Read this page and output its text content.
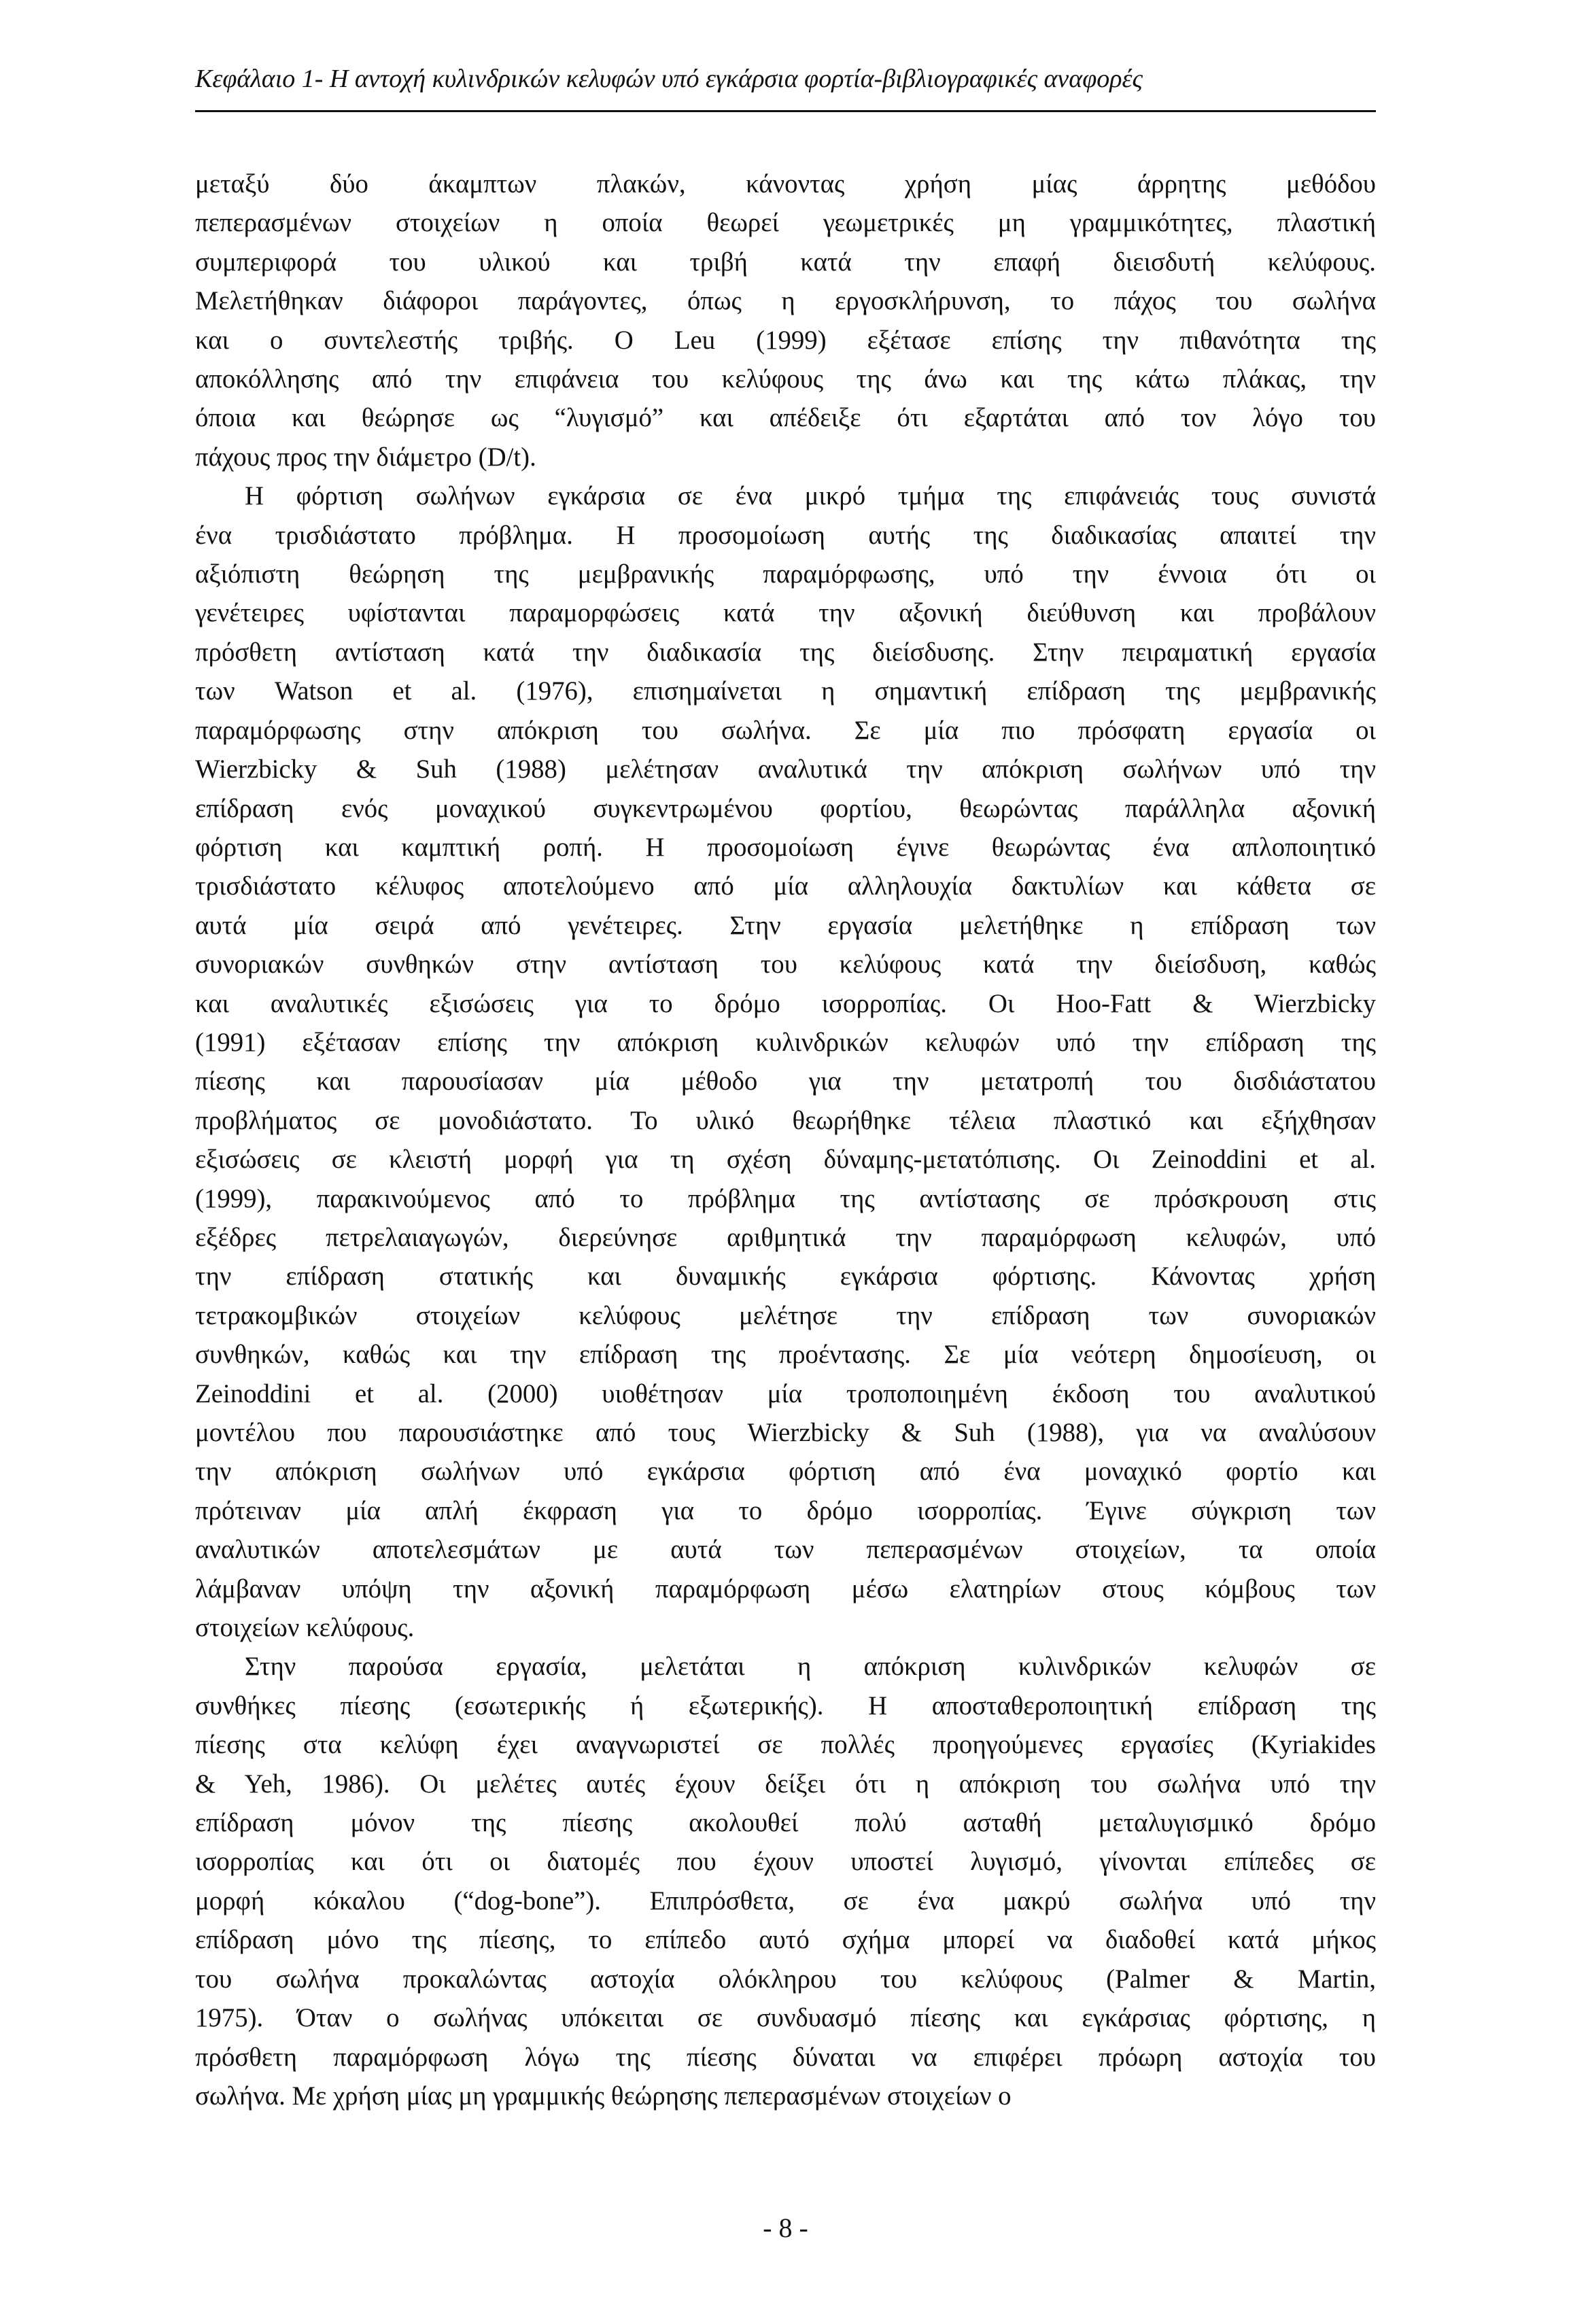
Κεφάλαιο 1- Η αντοχή κυλινδρικών κελυφών υπό εγκάρσια φορτία-βιβλιογραφικές αναφορές
μεταξύ δύο άκαμπτων πλακών, κάνοντας χρήση μίας άρρητης μεθόδου
πεπερασμένων στοιχείων η οποία θεωρεί γεωμετρικές μη γραμμικότητες, πλαστική
συμπεριφορά του υλικού και τριβή κατά την επαφή διεισδυτή κελύφους.
Μελετήθηκαν διάφοροι παράγοντες, όπως η εργοσκλήρυνση, το πάχος του σωλήνα
και ο συντελεστής τριβής. Ο Leu (1999) εξέτασε επίσης την πιθανότητα της
αποκόλλησης από την επιφάνεια του κελύφους της άνω και της κάτω πλάκας, την
όποια και θεώρησε ως “λυγισμό” και απέδειξε ότι εξαρτάται από τον λόγο του
πάχους προς την διάμετρο (D/t).
Η φόρτιση σωλήνων εγκάρσια σε ένα μικρό τμήμα της επιφάνειάς τους συνιστά
ένα τρισδιάστατο πρόβλημα. Η προσομοίωση αυτής της διαδικασίας απαιτεί την
αξιόπιστη θεώρηση της μεμβρανικής παραμόρφωσης, υπό την έννοια ότι οι
γενέτειρες υφίστανται παραμορφώσεις κατά την αξονική διεύθυνση και προβάλουν
πρόσθετη αντίσταση κατά την διαδικασία της διείσδυσης. Στην πειραματική εργασία
των Watson et al. (1976), επισημαίνεται η σημαντική επίδραση της μεμβρανικής
παραμόρφωσης στην απόκριση του σωλήνα. Σε μία πιο πρόσφατη εργασία οι
Wierzbicky & Suh (1988) μελέτησαν αναλυτικά την απόκριση σωλήνων υπό την
επίδραση ενός μοναχικού συγκεντρωμένου φορτίου, θεωρώντας παράλληλα αξονική
φόρτιση και καμπτική ροπή. Η προσομοίωση έγινε θεωρώντας ένα απλοποιητικό
τρισδιάστατο κέλυφος αποτελούμενο από μία αλληλουχία δακτυλίων και κάθετα σε
αυτά μία σειρά από γενέτειρες. Στην εργασία μελετήθηκε η επίδραση των
συνοριακών συνθηκών στην αντίσταση του κελύφους κατά την διείσδυση, καθώς
και αναλυτικές εξισώσεις για το δρόμο ισορροπίας. Οι Hoo-Fatt & Wierzbicky
(1991) εξέτασαν επίσης την απόκριση κυλινδρικών κελυφών υπό την επίδραση της
πίεσης και παρουσίασαν μία μέθοδο για την μετατροπή του δισδιάστατου
προβλήματος σε μονοδιάστατο. Το υλικό θεωρήθηκε τέλεια πλαστικό και εξήχθησαν
εξισώσεις σε κλειστή μορφή για τη σχέση δύναμης-μετατόπισης. Οι Zeinoddini et al.
(1999), παρακινούμενος από το πρόβλημα της αντίστασης σε πρόσκρουση στις
εξέδρες πετρελαιαγωγών, διερεύνησε αριθμητικά την παραμόρφωση κελυφών, υπό
την επίδραση στατικής και δυναμικής εγκάρσια φόρτισης. Κάνοντας χρήση
τετρακομβικών στοιχείων κελύφους μελέτησε την επίδραση των συνοριακών
συνθηκών, καθώς και την επίδραση της προέντασης. Σε μία νεότερη δημοσίευση, οι
Zeinoddini et al. (2000) υιοθέτησαν μία τροποποιημένη έκδοση του αναλυτικού
μοντέλου που παρουσιάστηκε από τους Wierzbicky & Suh (1988), για να αναλύσουν
την απόκριση σωλήνων υπό εγκάρσια φόρτιση από ένα μοναχικό φορτίο και
πρότειναν μία απλή έκφραση για το δρόμο ισορροπίας. Έγινε σύγκριση των
αναλυτικών αποτελεσμάτων με αυτά των πεπερασμένων στοιχείων, τα οποία
λάμβαναν υπόψη την αξονική παραμόρφωση μέσω ελατηρίων στους κόμβους των
στοιχείων κελύφους.
Στην παρούσα εργασία, μελετάται η απόκριση κυλινδρικών κελυφών σε
συνθήκες πίεσης (εσωτερικής ή εξωτερικής). Η αποσταθεροποιητική επίδραση της
πίεσης στα κελύφη έχει αναγνωριστεί σε πολλές προηγούμενες εργασίες (Kyriakides
& Yeh, 1986). Οι μελέτες αυτές έχουν δείξει ότι η απόκριση του σωλήνα υπό την
επίδραση μόνον της πίεσης ακολουθεί πολύ ασταθή μεταλυγισμικό δρόμο
ισορροπίας και ότι οι διατομές που έχουν υποστεί λυγισμό, γίνονται επίπεδες σε
μορφή κόκαλου (“dog-bone”). Επιπρόσθετα, σε ένα μακρύ σωλήνα υπό την
επίδραση μόνο της πίεσης, το επίπεδο αυτό σχήμα μπορεί να διαδοθεί κατά μήκος
του σωλήνα προκαλώντας αστοχία ολόκληρου του κελύφους (Palmer & Martin,
1975). Όταν ο σωλήνας υπόκειται σε συνδυασμό πίεσης και εγκάρσιας φόρτισης, η
πρόσθετη παραμόρφωση λόγω της πίεσης δύναται να επιφέρει πρόωρη αστοχία του
σωλήνα. Με χρήση μίας μη γραμμικής θεώρησης πεπερασμένων στοιχείων ο
- 8 -
